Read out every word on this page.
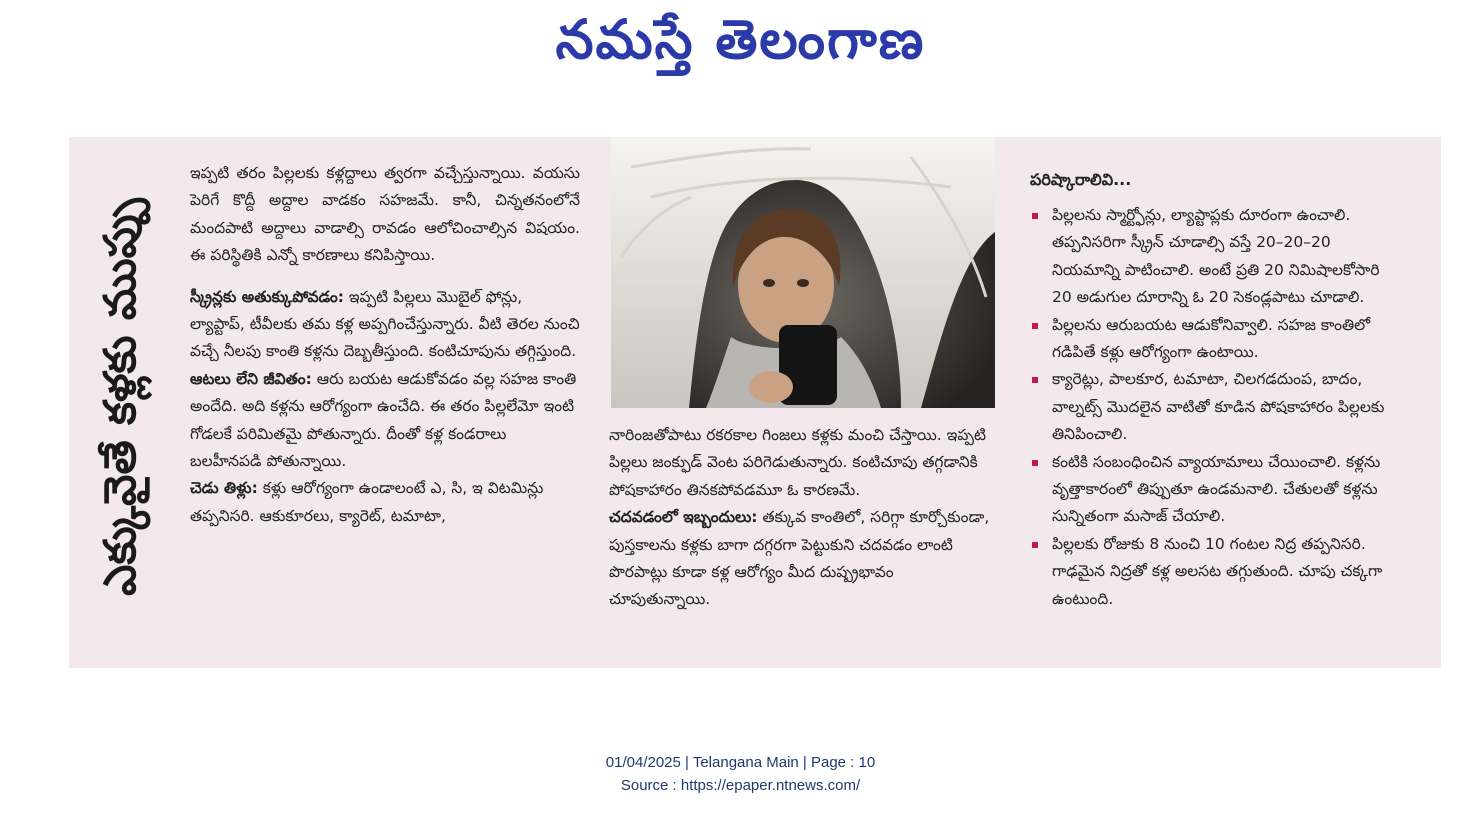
నమస్తే తెలంగాణ
ఎక్కువైతే కళ్లకు ముప్పు

ఇప్పటి తరం పిల్లలకు కళ్లద్దాలు త్వరగా వచ్చేస్తున్నాయి. వయసు పెరిగే కొద్దీ అద్దాల వాడకం సహజమే. కానీ, చిన్నతనంలోనే మందపాటి అద్దాలు వాడాల్సి రావడం ఆలోచించాల్సిన విషయం. ఈ పరిస్థితికి ఎన్నో కారణాలు కనిపిస్తాయి.

స్క్రీన్లకు అతుక్కుపోవడం: ఇప్పటి పిల్లలు మొబైల్ ఫోన్లు, ల్యాప్టాప్, టీవీలకు తమ కళ్ల అప్పగించేస్తున్నారు. వీటి తెరల నుంచి వచ్చే నీలపు కాంతి కళ్లను దెబ్బతీస్తుంది. కంటిచూపును తగ్గిస్తుంది.

ఆటలు లేని జీవితం: ఆరు బయట ఆడుకోవడం వల్ల సహజ కాంతి అందేది. అది కళ్లను ఆరోగ్యంగా ఉంచేది. ఈ తరం పిల్లలేమో ఇంటి గోడలకే పరిమితమై పోతున్నారు. దీంతో కళ్ల కండరాలు బలహీనపడి పోతున్నాయి.

చెడు తిళ్లు: కళ్లు ఆరోగ్యంగా ఉండాలంటే ఎ, సి, ఇ విటమిన్లు తప్పనిసరి. ఆకుకూరలు, క్యారెట్, టమాటా,

నారింజతోపాటు రకరకాల గింజలు కళ్లకు మంచి చేస్తాయి. ఇప్పటి పిల్లలు జంక్ఫుడ్ వెంట పరిగెడుతున్నారు. కంటిచూపు తగ్గడానికి పోషకాహారం తినకపోవడమూ ఓ కారణమే.

చదవడంలో ఇబ్బందులు: తక్కువ కాంతిలో, సరిగ్గా కూర్చోకుండా, పుస్తకాలను కళ్లకు బాగా దగ్గరగా పెట్టుకుని చదవడం లాంటి పొరపాట్లు కూడా కళ్ల ఆరోగ్యం మీద దుష్ప్రభావం చూపుతున్నాయి.

పరిష్కారాలివి...
పిల్లలను స్మార్ట్ఫోన్లు, ల్యాప్టాప్లకు దూరంగా ఉంచాలి. తప్పనిసరిగా స్క్రీన్ చూడాల్సి వస్తే 20–20–20 నియమాన్ని పాటించాలి. అంటే ప్రతి 20 నిమిషాలకోసారి 20 అడుగుల దూరాన్ని ఓ 20 సెకండ్లపాటు చూడాలి.
పిల్లలను ఆరుబయట ఆడుకోనివ్వాలి. సహజ కాంతిలో గడిపితే కళ్లు ఆరోగ్యంగా ఉంటాయి.
క్యారెట్లు, పాలకూర, టమాటా, చిలగడదుంప, బాదం, వాల్నట్స్ మొదలైన వాటితో కూడిన పోషకాహారం పిల్లలకు తినిపించాలి.
కంటికి సంబంధించిన వ్యాయామాలు చేయించాలి. కళ్లను వృత్తాకారంలో తిప్పుతూ ఉండమనాలి. చేతులతో కళ్లను సున్నితంగా మసాజ్ చేయాలి.
పిల్లలకు రోజుకు 8 నుంచి 10 గంటల నిద్ర తప్పనిసరి. గాఢమైన నిద్రతో కళ్ల అలసట తగ్గుతుంది. చూపు చక్కగా ఉంటుంది.
01/04/2025 | Telangana Main | Page : 10
Source : https://epaper.ntnews.com/
